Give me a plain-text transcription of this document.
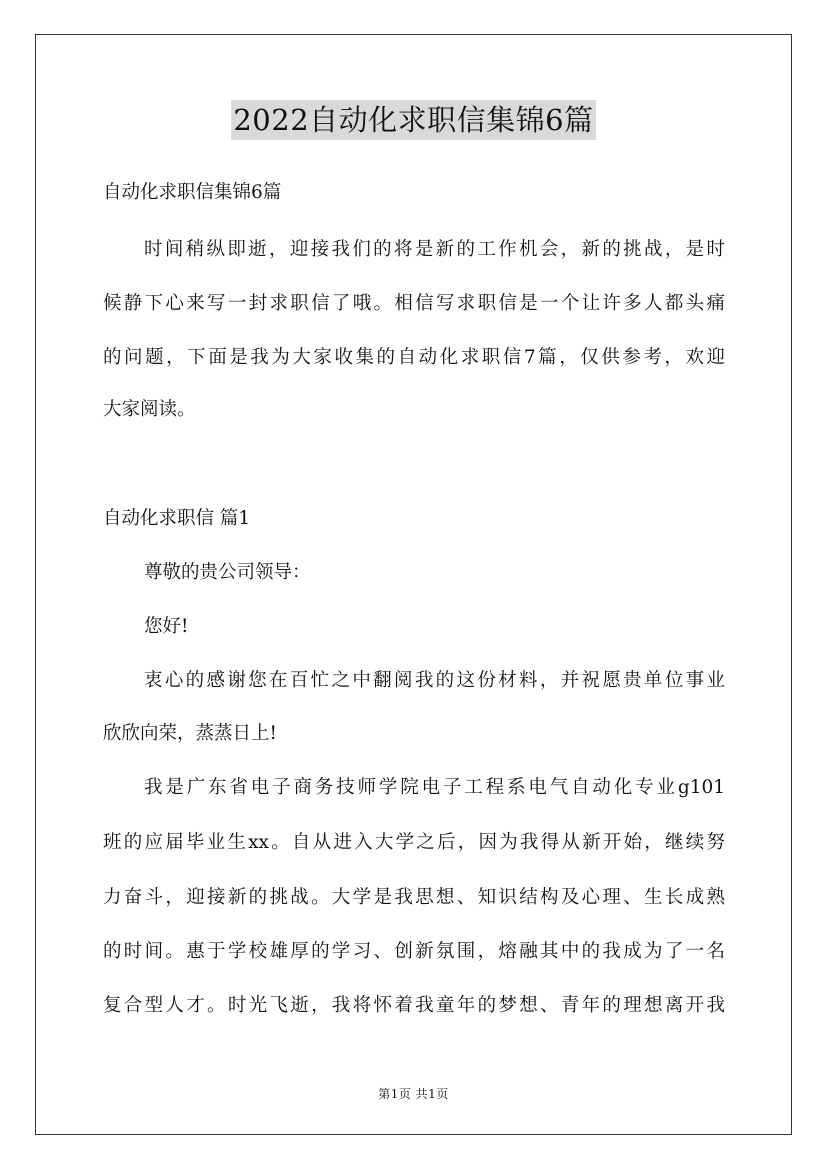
2022自动化求职信集锦6篇
自动化求职信集锦6篇
时间稍纵即逝，迎接我们的将是新的工作机会，新的挑战，是时
候静下心来写一封求职信了哦。相信写求职信是一个让许多人都头痛
的问题，下面是我为大家收集的自动化求职信7篇，仅供参考，欢迎
大家阅读。
自动化求职信 篇1
尊敬的贵公司领导：
您好!
衷心的感谢您在百忙之中翻阅我的这份材料，并祝愿贵单位事业
欣欣向荣，蒸蒸日上!
我是广东省电子商务技师学院电子工程系电气自动化专业g101
班的应届毕业生xx。自从进入大学之后，因为我得从新开始，继续努
力奋斗，迎接新的挑战。大学是我思想、知识结构及心理、生长成熟
的时间。惠于学校雄厚的学习、创新氛围，熔融其中的我成为了一名
复合型人才。时光飞逝，我将怀着我童年的梦想、青年的理想离开我
第1页 共1页
